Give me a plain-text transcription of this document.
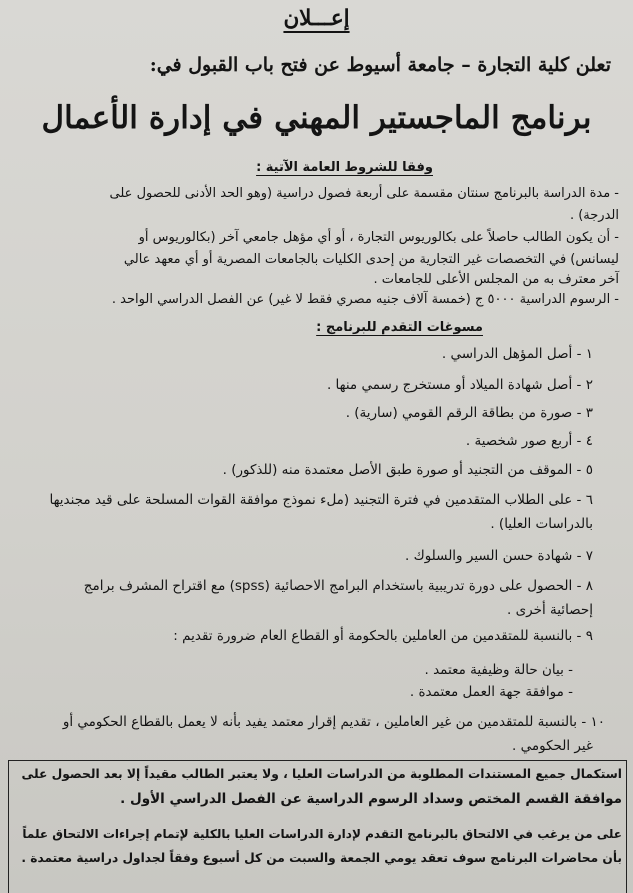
إعـــلان
تعلن كلية التجارة – جامعة أسيوط عن فتح باب القبول في:
برنامج الماجستير المهني في إدارة الأعمال
وفقا للشروط العامة الآتية :
- مدة الدراسة بالبرنامج سنتان مقسمة على أربعة فصول دراسية (وهو الحد الأدنى للحصول على
الدرجة) .
- أن يكون الطالب حاصلاً على بكالوريوس التجارة ، أو أي مؤهل جامعي آخر (بكالوريوس أو
ليسانس) في التخصصات غير التجارية من إحدى الكليات بالجامعات المصرية أو أي معهد عالي
آخر معترف به من المجلس الأعلى للجامعات .
- الرسوم الدراسية ٥٠٠٠ ج (خمسة آلاف جنيه مصري فقط لا غير) عن الفصل الدراسي الواحد .
مسوغات التقدم للبرنامج :
١ - أصل المؤهل الدراسي .
٢ - أصل شهادة الميلاد أو مستخرج رسمي منها .
٣ - صورة من بطاقة الرقم القومي (سارية) .
٤ - أربع صور شخصية .
٥ - الموقف من التجنيد أو صورة طبق الأصل معتمدة منه (للذكور) .
٦ - على الطلاب المتقدمين في فترة التجنيد (ملء نموذج موافقة القوات المسلحة على قيد مجنديها
بالدراسات العليا) .
٧ - شهادة حسن السير والسلوك .
٨ - الحصول على دورة تدريبية باستخدام البرامج الاحصائية (spss) مع اقتراح المشرف برامج
إحصائية أخرى .
٩ - بالنسبة للمتقدمين من العاملين بالحكومة أو القطاع العام ضرورة تقديم :
- بيان حالة وظيفية معتمد .
- موافقة جهة العمل معتمدة .
١٠ - بالنسبة للمتقدمين من غير العاملين ، تقديم إقرار معتمد يفيد بأنه لا يعمل بالقطاع الحكومي أو
غير الحكومي .
استكمال جميع المستندات المطلوبة من الدراسات العليا ، ولا يعتبر الطالب مقيداً إلا بعد الحصول على
موافقة القسم المختص وسداد الرسوم الدراسية عن الفصل الدراسي الأول .
على من يرغب في الالتحاق بالبرنامج التقدم لإدارة الدراسات العليا بالكلية لإتمام إجراءات الالتحاق علماً
بأن محاضرات البرنامج سوف تعقد يومي الجمعة والسبت من كل أسبوع وفقاً لجداول دراسية معتمدة .
